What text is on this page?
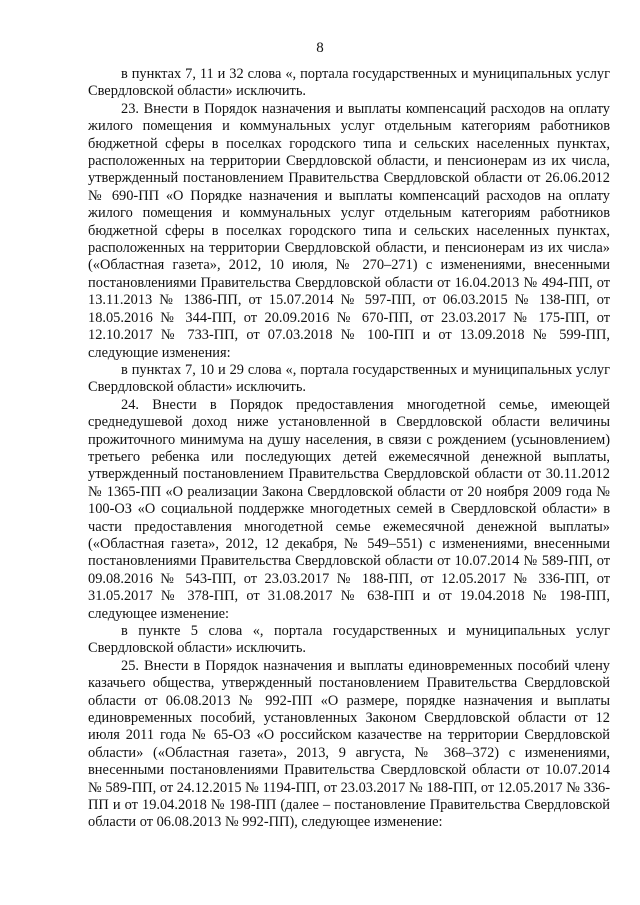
8

в пунктах 7, 11 и 32 слова «, портала государственных и муниципальных услуг Свердловской области» исключить.

23. Внести в Порядок назначения и выплаты компенсаций расходов на оплату жилого помещения и коммунальных услуг отдельным категориям работников бюджетной сферы в поселках городского типа и сельских населенных пунктах, расположенных на территории Свердловской области, и пенсионерам из их числа, утвержденный постановлением Правительства Свердловской области от 26.06.2012 № 690-ПП «О Порядке назначения и выплаты компенсаций расходов на оплату жилого помещения и коммунальных услуг отдельным категориям работников бюджетной сферы в поселках городского типа и сельских населенных пунктах, расположенных на территории Свердловской области, и пенсионерам из их числа» («Областная газета», 2012, 10 июля, № 270–271) с изменениями, внесенными постановлениями Правительства Свердловской области от 16.04.2013 № 494-ПП, от 13.11.2013 № 1386-ПП, от 15.07.2014 № 597-ПП, от 06.03.2015 № 138-ПП, от 18.05.2016 № 344-ПП, от 20.09.2016 № 670-ПП, от 23.03.2017 № 175-ПП, от 12.10.2017 № 733-ПП, от 07.03.2018 № 100-ПП и от 13.09.2018 № 599-ПП, следующие изменения:

в пунктах 7, 10 и 29 слова «, портала государственных и муниципальных услуг Свердловской области» исключить.

24. Внести в Порядок предоставления многодетной семье, имеющей среднедушевой доход ниже установленной в Свердловской области величины прожиточного минимума на душу населения, в связи с рождением (усыновлением) третьего ребенка или последующих детей ежемесячной денежной выплаты, утвержденный постановлением Правительства Свердловской области от 30.11.2012 № 1365-ПП «О реализации Закона Свердловской области от 20 ноября 2009 года № 100-ОЗ «О социальной поддержке многодетных семей в Свердловской области» в части предоставления многодетной семье ежемесячной денежной выплаты» («Областная газета», 2012, 12 декабря, № 549–551) с изменениями, внесенными постановлениями Правительства Свердловской области от 10.07.2014 № 589-ПП, от 09.08.2016 № 543-ПП, от 23.03.2017 № 188-ПП, от 12.05.2017 № 336-ПП, от 31.05.2017 № 378-ПП, от 31.08.2017 № 638-ПП и от 19.04.2018 № 198-ПП, следующее изменение:

в пункте 5 слова «, портала государственных и муниципальных услуг Свердловской области» исключить.

25. Внести в Порядок назначения и выплаты единовременных пособий члену казачьего общества, утвержденный постановлением Правительства Свердловской области от 06.08.2013 № 992-ПП «О размере, порядке назначения и выплаты единовременных пособий, установленных Законом Свердловской области от 12 июля 2011 года № 65-ОЗ «О российском казачестве на территории Свердловской области» («Областная газета», 2013, 9 августа, № 368–372) с изменениями, внесенными постановлениями Правительства Свердловской области от 10.07.2014 № 589-ПП, от 24.12.2015 № 1194-ПП, от 23.03.2017 № 188-ПП, от 12.05.2017 № 336-ПП и от 19.04.2018 № 198-ПП (далее – постановление Правительства Свердловской области от 06.08.2013 № 992-ПП), следующее изменение:
